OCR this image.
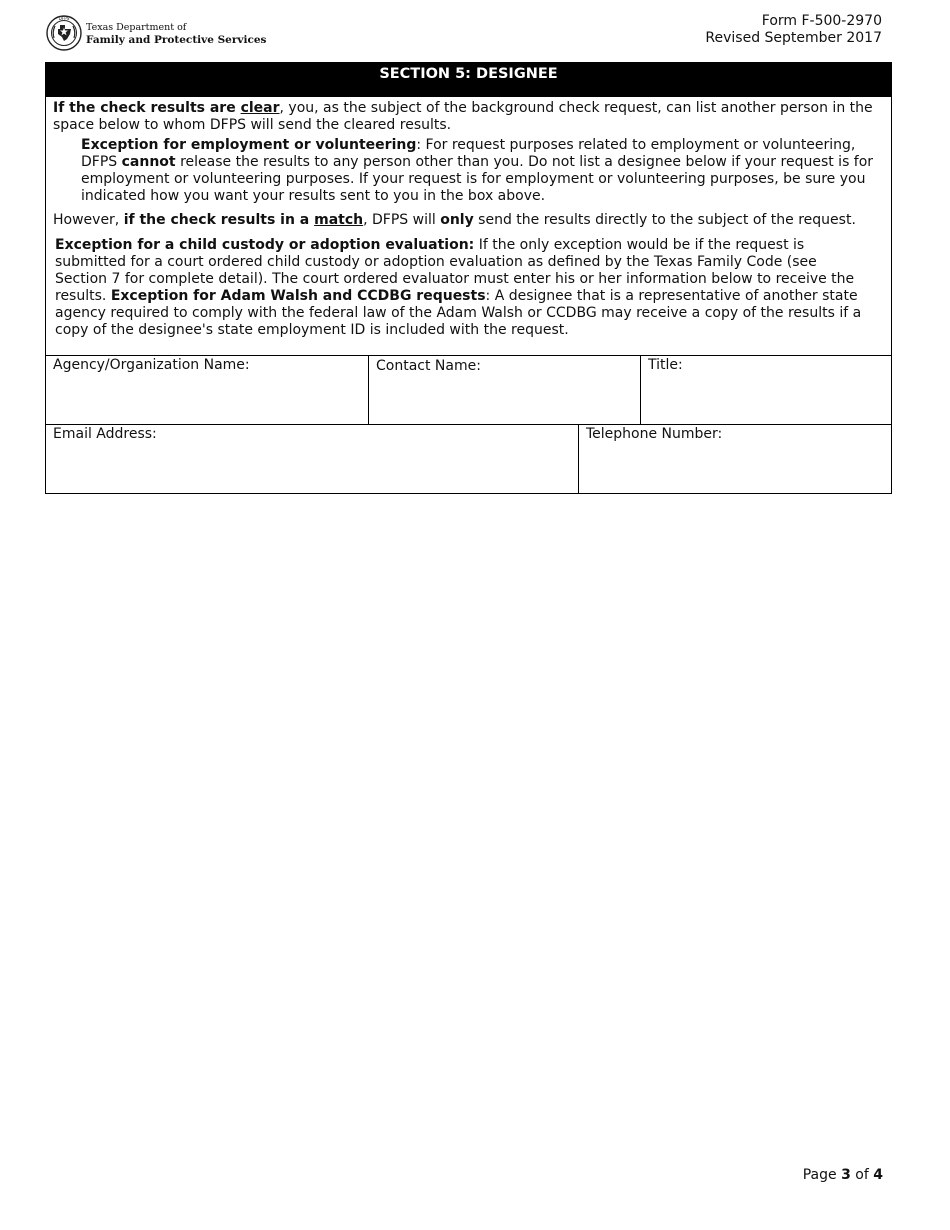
DFPS
Texas Department of
Family and Protective Services
Form F-500-2970
Revised September 2017
SECTION 5: DESIGNEE
If the check results are clear, you, as the subject of the background check request, can list another person in the space below to whom DFPS will send the cleared results.
Exception for employment or volunteering: For request purposes related to employment or volunteering, DFPS cannot release the results to any person other than you. Do not list a designee below if your request is for employment or volunteering purposes. If your request is for employment or volunteering purposes, be sure you indicated how you want your results sent to you in the box above.
However, if the check results in a match, DFPS will only send the results directly to the subject of the request.
Exception for a child custody or adoption evaluation: If the only exception would be if the request is submitted for a court ordered child custody or adoption evaluation as defined by the Texas Family Code (see Section 7 for complete detail). The court ordered evaluator must enter his or her information below to receive the results. Exception for Adam Walsh and CCDBG requests: A designee that is a representative of another state agency required to comply with the federal law of the Adam Walsh or CCDBG may receive a copy of the results if a copy of the designee's state employment ID is included with the request.
Agency/Organization Name:	Contact Name:	Title:
Email Address:	Telephone Number:
Page 3 of 4
